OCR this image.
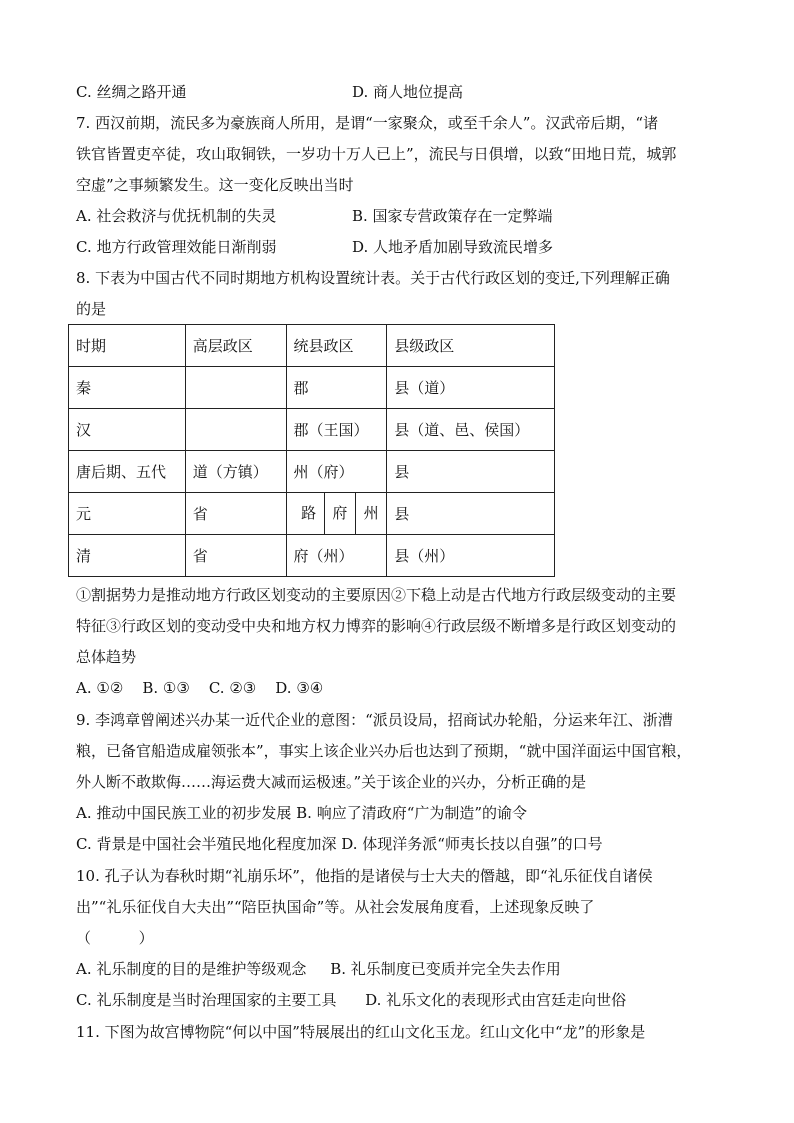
C. 丝绸之路开通	D. 商人地位提高
7. 西汉前期，流民多为豪族商人所用，是谓“一家聚众，或至千余人”。汉武帝后期，“诸
铁官皆置吏卒徒，攻山取铜铁，一岁功十万人已上”，流民与日俱增，以致“田地日荒，城郭
空虚”之事频繁发生。这一变化反映出当时
A. 社会救济与优抚机制的失灵	B. 国家专营政策存在一定弊端
C. 地方行政管理效能日渐削弱	D. 人地矛盾加剧导致流民增多
8. 下表为中国古代不同时期地方机构设置统计表。关于古代行政区划的变迁,下列理解正确
的是
时期	高层政区	统县政区	县级政区
秦		郡	县（道）
汉		郡（王国）	县（道、邑、侯国）
唐后期、五代	道（方镇）	州（府）	县
元	省	路 府 州	县
清	省	府（州）	县（州）
①割据势力是推动地方行政区划变动的主要原因②下稳上动是古代地方行政层级变动的主要
特征③行政区划的变动受中央和地方权力博弈的影响④行政层级不断增多是行政区划变动的
总体趋势
A. ①②    B. ①③    C. ②③    D. ③④
9. 李鸿章曾阐述兴办某一近代企业的意图：“派员设局，招商试办轮船，分运来年江、浙漕
粮，已备官船造成雇领张本”，事实上该企业兴办后也达到了预期，“就中国洋面运中国官粮，
外人断不敢欺侮……海运费大减而运极速。”关于该企业的兴办，分析正确的是
A. 推动中国民族工业的初步发展 B. 响应了清政府“广为制造”的谕令
C. 背景是中国社会半殖民地化程度加深 D. 体现洋务派“师夷长技以自强”的口号
10. 孔子认为春秋时期“礼崩乐坏”，他指的是诸侯与士大夫的僭越，即“礼乐征伐自诸侯
出”“礼乐征伐自大夫出”“陪臣执国命”等。从社会发展角度看，上述现象反映了
（          ）
A. 礼乐制度的目的是维护等级观念     B. 礼乐制度已变质并完全失去作用
C. 礼乐制度是当时治理国家的主要工具      D. 礼乐文化的表现形式由宫廷走向世俗
11. 下图为故宫博物院“何以中国”特展展出的红山文化玉龙。红山文化中“龙”的形象是
